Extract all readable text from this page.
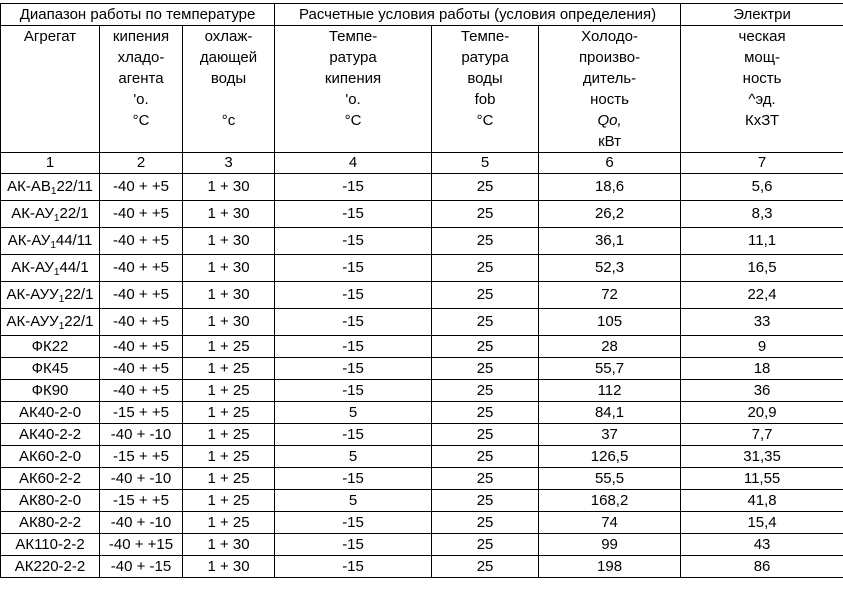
Диапазон работы по температуре			Расчетные условия работы (условия определения)			Электри
Агрегат	кипения	охлаж-	Темпе-	Темпе-	Холодо-	ческая
	хладо-	дающей	ратура	ратура	произво-	мощ-
	агента	воды	кипения	воды	дитель-	ность
	'o.		'o.	fob	ность	^эд.
	°C	°с	°C	°C	Qo,	КхЗТ
					кВт	
1	2	3	4	5	6	7
$АК-АВ_122/11$	-40 + +5	1 + 30	-15	25	18,6	5,6
$АК-АУ_122/1$	-40 + +5	1 + 30	-15	25	26,2	8,3
$АК-АУ_144/11$	-40 + +5	1 + 30	-15	25	36,1	11,1
$АК-АУ_144/1$	-40 + +5	1 + 30	-15	25	52,3	16,5
$АК-АУУ_122/1$	-40 + +5	1 + 30	-15	25	72	22,4
$АК-АУУ_122/1$	-40 + +5	1 + 30	-15	25	105	33
ФК22	-40 + +5	1 + 25	-15	25	28	9
ФК45	-40 + +5	1 + 25	-15	25	55,7	18
ФК90	-40 + +5	1 + 25	-15	25	112	36
АК40-2-0	-15 + +5	1 + 25	5	25	84,1	20,9
АК40-2-2	-40 + -10	1 + 25	-15	25	37	7,7
АК60-2-0	-15 + +5	1 + 25	5	25	126,5	31,35
АК60-2-2	-40 + -10	1 + 25	-15	25	55,5	11,55
АК80-2-0	-15 + +5	1 + 25	5	25	168,2	41,8
АК80-2-2	-40 + -10	1 + 25	-15	25	74	15,4
АК110-2-2	-40 + +15	1 + 30	-15	25	99	43
АК220-2-2	-40 + -15	1 + 30	-15	25	198	86
